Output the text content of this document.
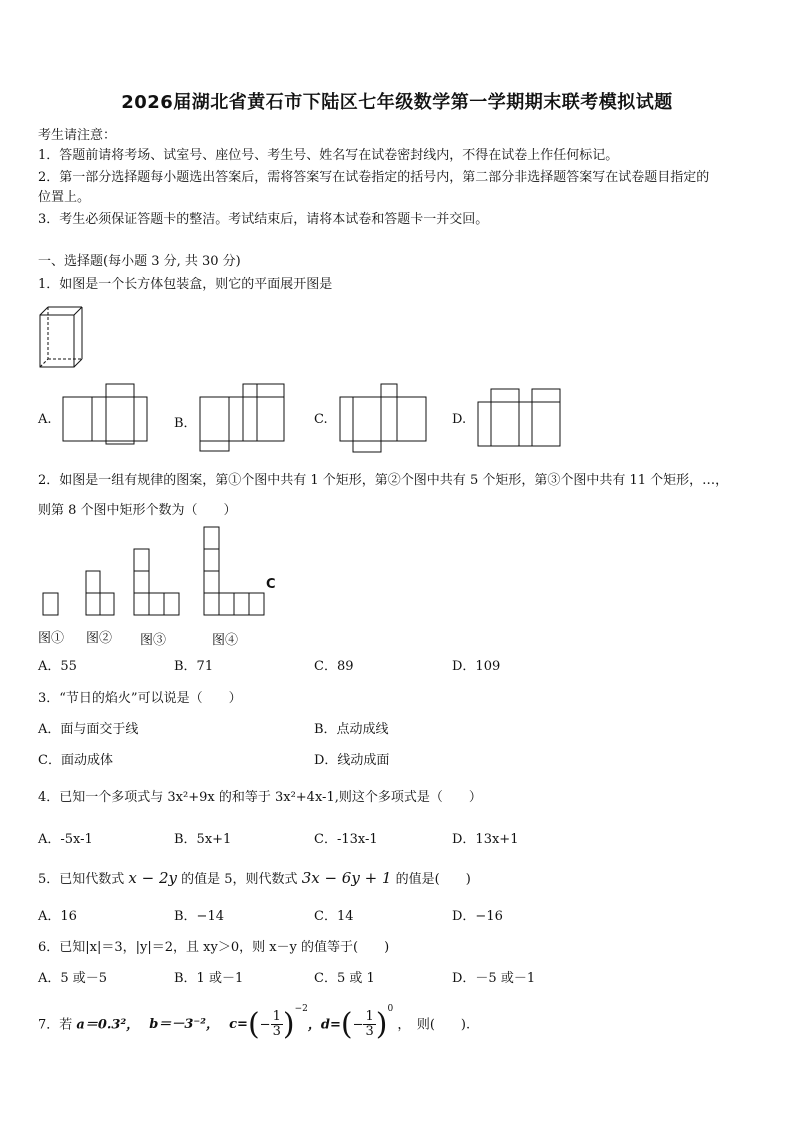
2026届湖北省黄石市下陆区七年级数学第一学期期末联考模拟试题
考生请注意：
1．答题前请将考场、试室号、座位号、考生号、姓名写在试卷密封线内，不得在试卷上作任何标记。
2．第一部分选择题每小题选出答案后，需将答案写在试卷指定的括号内，第二部分非选择题答案写在试卷题目指定的
位置上。
3．考生必须保证答题卡的整洁。考试结束后，请将本试卷和答题卡一并交回。
一、选择题(每小题 3 分, 共 30 分)
1．如图是一个长方体包装盒，则它的平面展开图是
A.	B．	C.	D.
2．如图是一组有规律的图案，第①个图中共有 1 个矩形，第②个图中共有 5 个矩形，第③个图中共有 11 个矩形，…，
则第 8 个图中矩形个数为（　　）
C
图① 图② 图③	图④
A．55	B．71	C．89	D．109
3．“节日的焰火”可以说是（　　）
A．面与面交于线	B．点动成线
C．面动成体	D．线动成面
4．已知一个多项式与 3x²+9x 的和等于 3x²+4x-1,则这个多项式是（　　）
A．-5x-1	B．5x+1	C．-13x-1	D．13x+1
5．已知代数式 x − 2y 的值是 5，则代数式 3x − 6y + 1 的值是(　　)
A．16	B．−14	C．14	D．−16
6．已知|x|＝3，|y|＝2，且 xy＞0，则 x－y 的值等于(　　)
A．5 或－5	B．1 或－1	C．5 或 1	D．－5 或－1
7．若 a＝0.3²， b＝－3⁻²， $c=(- \frac{1}{3} )^{-2}$，$d=(- \frac{1}{3} )^0$ ，　则(　　).
